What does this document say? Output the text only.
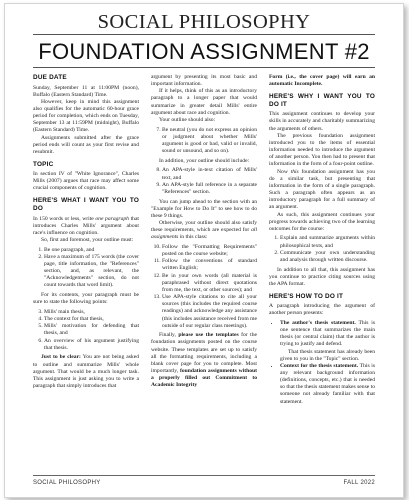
SOCIAL PHILOSOPHY
FOUNDATION ASSIGNMENT #2
DUE DATE

Sunday, September 11 at 11:00PM (noon), Buffalo (Eastern Standard) Time.

However, keep in mind this assignment also qualifies for the automatic 60-hour grace period for completion, which ends on Tuesday, September 13 at 11:59PM (midnight), Buffalo (Eastern Standard) Time.

Assignments submitted after the grace period ends will count as your first revise and resubmit.

TOPIC

In section IV of "White Ignorance", Charles Mills (2007) argues that race may affect some crucial components of cognition.

HERE'S WHAT I WANT YOU TO DO

In 150 words or less, write one paragraph that introduces Charles Mills' argument about race's influence on cognition.

So, first and foremost, your outline must:

1. Be one paragraph, and
2. Have a maximum of 175 words (the cover page, title information, the "References" section, and, as relevant, the "Acknowledgements" section, do not count towards that word limit).

For its contents, your paragraph must be sure to state the following points:

3. Mills' main thesis,
4. The context for that thesis,
5. Mills' motivation for defending that thesis, and
6. An overview of his argument justifying that thesis.

Just to be clear: You are not being asked to outline and summarize Mills' whole argument. That would be a much longer task. This assignment is just asking you to write a paragraph that simply introduces that

argument by presenting its most basic and important information.

If it helps, think of this as an introductory paragraph to a longer paper that would summarize in greater detail Mills' entire argument about race and cognition.

Your outline should also:

7. Be neutral (you do not express an opinion or judgment about whether Mills' argument is good or bad, valid or invalid, sound or unsound, and so on).

In addition, your outline should include:

8. An APA-style in-text citation of Mills' text, and
9. An APA-style full reference in a separate "References" section.

You can jump ahead to the section with an "Example for How to Do It" to see how to do these 9 things.

Otherwise, your outline should also satisfy these requirements, which are expected for all assignments in this class:

10. Follow the "Formatting Requirements" posted on the course website;
11. Follow the conventions of standard written English;
12. Be in your own words (all material is paraphrased without direct quotations from me, the text, or other sources); and
13. Use APA-style citations to cite all your sources (this includes the required course readings) and acknowledge any assistance (this includes assistance received from me outside of our regular class meetings).

Finally, please use the templates for the foundation assignments posted on the course website. These templates are set up to satisfy all the formatting requirements, including a blank cover page for you to complete. Most importantly, foundation assignments without a properly filled out Commitment to Academic Integrity

Form (i.e., the cover page) will earn an automatic Incomplete.

HERE'S WHY I WANT YOU TO DO IT

This assignment continues to develop your skills in accurately and charitably summarizing the arguments of others.

The previous foundation assignment introduced you to the items of essential information needed to introduce the argument of another person. You then had to present that information in the form of a four-point outline.

Now this foundation assignment has you do a similar task, but presenting that information in the form of a single paragraph. Such a paragraph often appears as an introductory paragraph for a full summary of an argument.

As such, this assignment continues your progress towards achieving two of the learning outcomes for the course:

1. Explain and summarize arguments within philosophical texts, and
2. Communicate your own understanding and analysis through written discourse.

In addition to all that, this assignment has you continue to practice citing sources using the APA format.

HERE'S HOW TO DO IT

A paragraph introducing the argument of another person presents:

• The author's thesis statement. This is one sentence that summarizes the main thesis (or central claim) that the author is trying to justify and defend.
That thesis statement has already been given to you in the "Topic" section.
• Context for the thesis statement. This is any relevant background information (definitions, concepts, etc.) that is needed so that the thesis statement makes sense to someone not already familiar with that statement.
SOCIAL PHILOSOPHY	FALL 2022
